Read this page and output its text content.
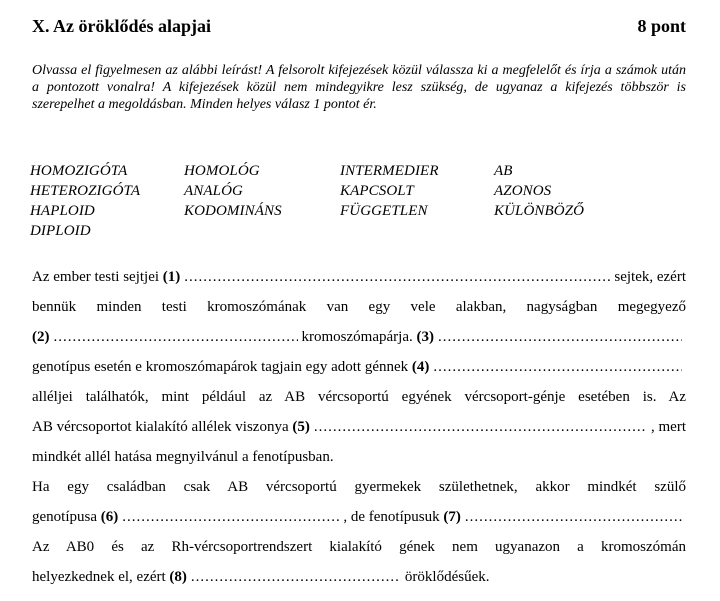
X. Az öröklődés alapjai	8 pont
Olvassa el figyelmesen az alábbi leírást! A felsorolt kifejezések közül válassza ki a megfelelőt és írja a számok után a pontozott vonalra! A kifejezések közül nem mindegyikre lesz szükség, de ugyanaz a kifejezés többször is szerepelhet a megoldásban. Minden helyes válasz 1 pontot ér.
HOMOZIGÓTA	HOMOLÓG	INTERMEDIER	AB
HETEROZIGÓTA	ANALÓG	KAPCSOLT	AZONOS
HAPLOID	KODOMINÁNS	FÜGGETLEN	KÜLÖNBÖZŐ
DIPLOID
Az ember testi sejtjei (1) .....	sejtek, ezért
bennük minden testi kromoszómának van egy vele alakban, nagyságban megegyező
(2) .....	kromoszómapárja. (3)
.....
genotípus esetén e kromoszómapárok tagjain egy adott génnek (4)
.....
alléljei találhatók, mint például az AB vércsoportú egyének vércsoport-génje esetében is. Az
AB vércsoportot kialakító allélek viszonya (5) .....	, mert
mindkét allél hatása megnyilvánul a fenotípusban.
Ha egy családban csak AB vércsoportú gyermekek születhetnek, akkor mindkét szülő
genotípusa (6) .....	, de fenotípusuk (7)
.....
Az AB0 és az Rh-vércsoportrendszert kialakító gének nem ugyanazon a kromoszómán
helyezkednek el, ezért (8) .....	öröklődésűek.
